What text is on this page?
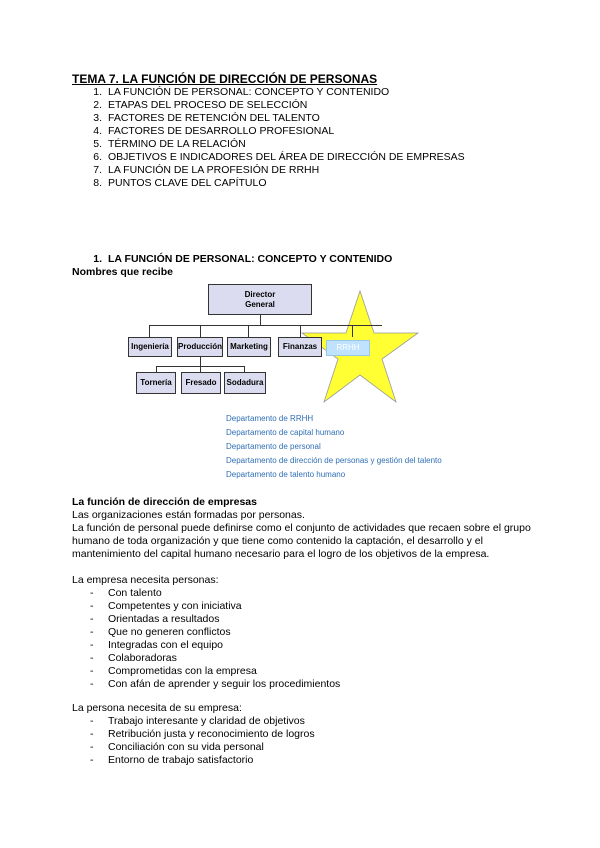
TEMA 7. LA FUNCIÓN DE DIRECCIÓN DE PERSONAS
1. LA FUNCIÓN DE PERSONAL: CONCEPTO Y CONTENIDO
2. ETAPAS DEL PROCESO DE SELECCIÓN
3. FACTORES DE RETENCIÓN DEL TALENTO
4. FACTORES DE DESARROLLO PROFESIONAL
5. TÉRMINO DE LA RELACIÓN
6. OBJETIVOS E INDICADORES DEL ÁREA DE DIRECCIÓN DE EMPRESAS
7. LA FUNCIÓN DE LA PROFESIÓN DE RRHH
8. PUNTOS CLAVE DEL CAPÍTULO
1. LA FUNCIÓN DE PERSONAL: CONCEPTO Y CONTENIDO
Nombres que recibe
Director
General
Ingeniería	Producción	Marketing	Finanzas	RRHH
Tornería	Fresado	Sodadura
Departamento de RRHH
Departamento de capital humano
Departamento de personal
Departamento de dirección de personas y gestión del talento
Departamento de talento humano
La función de dirección de empresas
Las organizaciones están formadas por personas.
La función de personal puede definirse como el conjunto de actividades que recaen sobre el grupo humano de toda organización y que tiene como contenido la captación, el desarrollo y el mantenimiento del capital humano necesario para el logro de los objetivos de la empresa.
La empresa necesita personas:
- Con talento
- Competentes y con iniciativa
- Orientadas a resultados
- Que no generen conflictos
- Integradas con el equipo
- Colaboradoras
- Comprometidas con la empresa
- Con afán de aprender y seguir los procedimientos
La persona necesita de su empresa:
- Trabajo interesante y claridad de objetivos
- Retribución justa y reconocimiento de logros
- Conciliación con su vida personal
- Entorno de trabajo satisfactorio
